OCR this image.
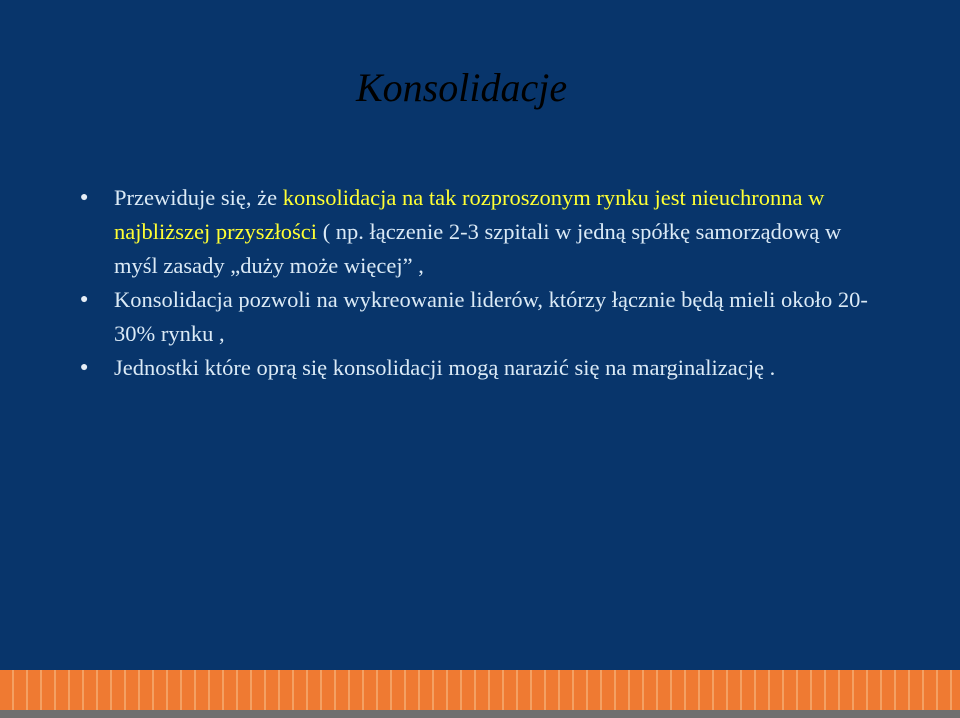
Konsolidacje
● Przewiduje się, że konsolidacja na tak rozproszonym rynku jest nieuchronna w najbliższej przyszłości ( np. łączenie 2-3 szpitali w jedną spółkę samorządową w myśl zasady „duży może więcej” ,
● Konsolidacja pozwoli na wykreowanie liderów, którzy łącznie będą mieli około 20-30% rynku ,
● Jednostki które oprą się konsolidacji mogą narazić się na marginalizację .
